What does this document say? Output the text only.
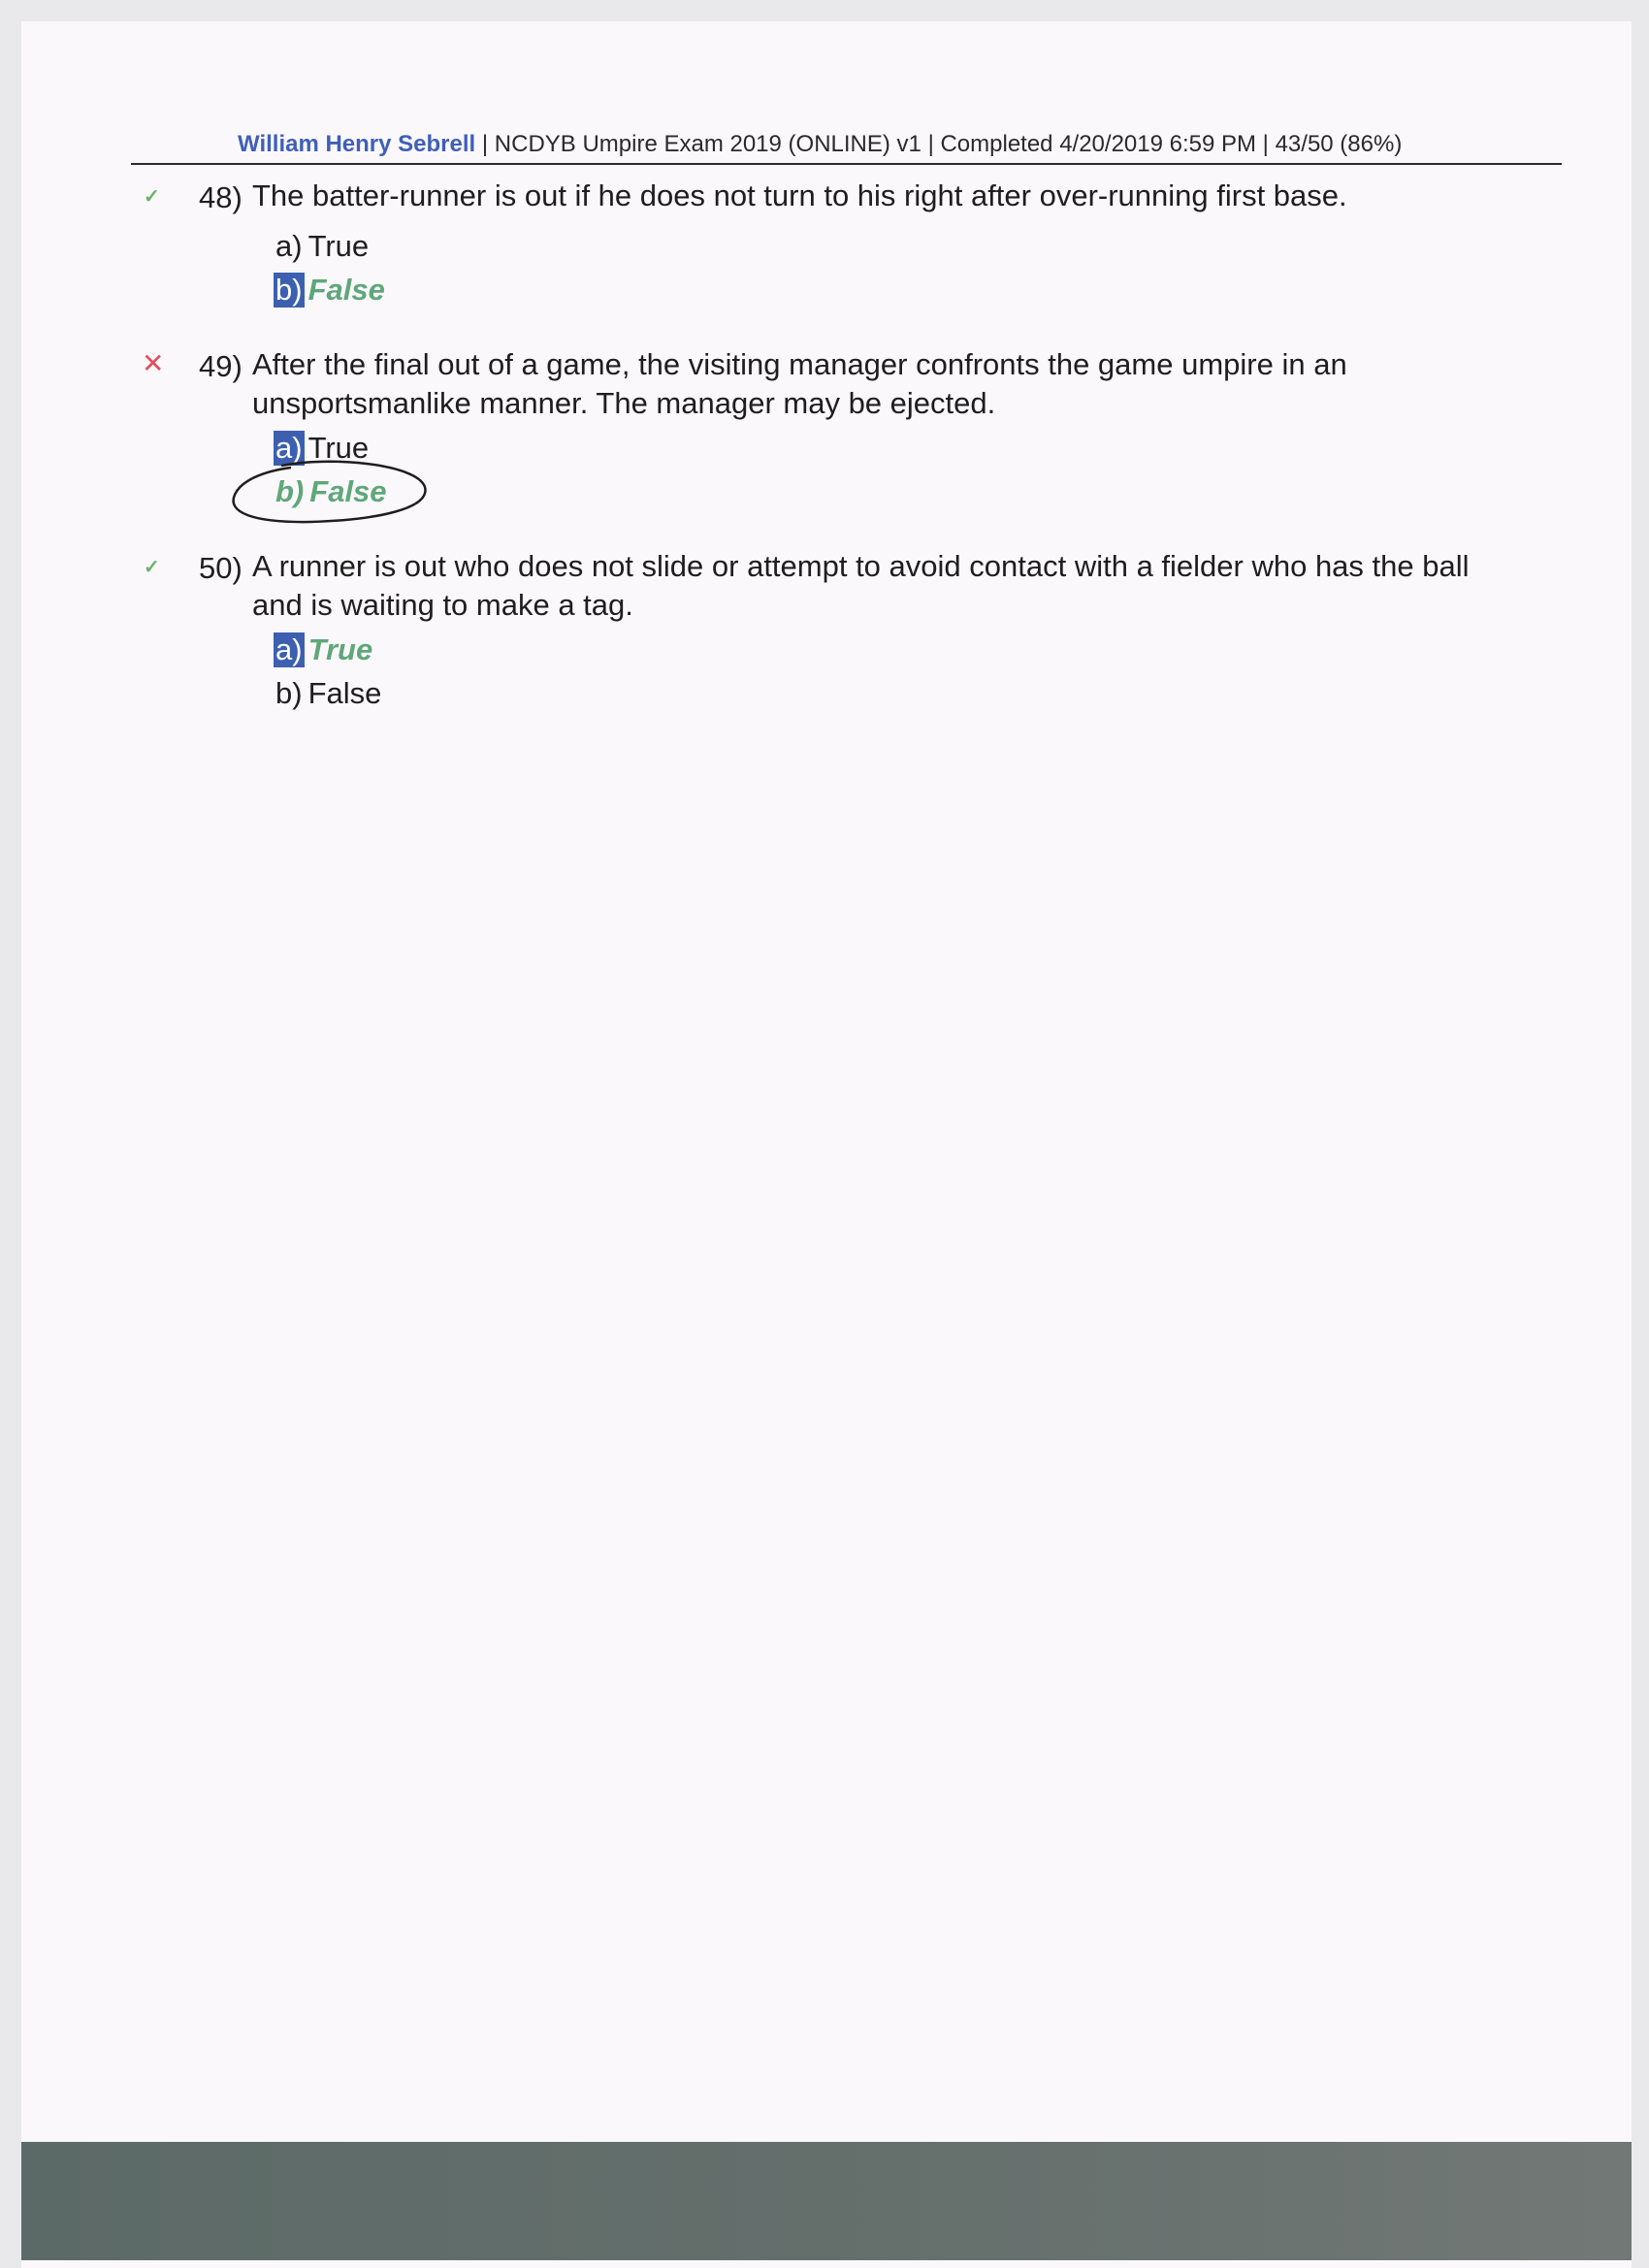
William Henry Sebrell | NCDYB Umpire Exam 2019 (ONLINE) v1 | Completed 4/20/2019 6:59 PM | 43/50 (86%)
✓ 48) The batter-runner is out if he does not turn to his right after over-running first base.
a) True
b) False
✕ 49) After the final out of a game, the visiting manager confronts the game umpire in an
unsportsmanlike manner. The manager may be ejected.
a) True
b) False
✓ 50) A runner is out who does not slide or attempt to avoid contact with a fielder who has the ball
and is waiting to make a tag.
a) True
b) False
